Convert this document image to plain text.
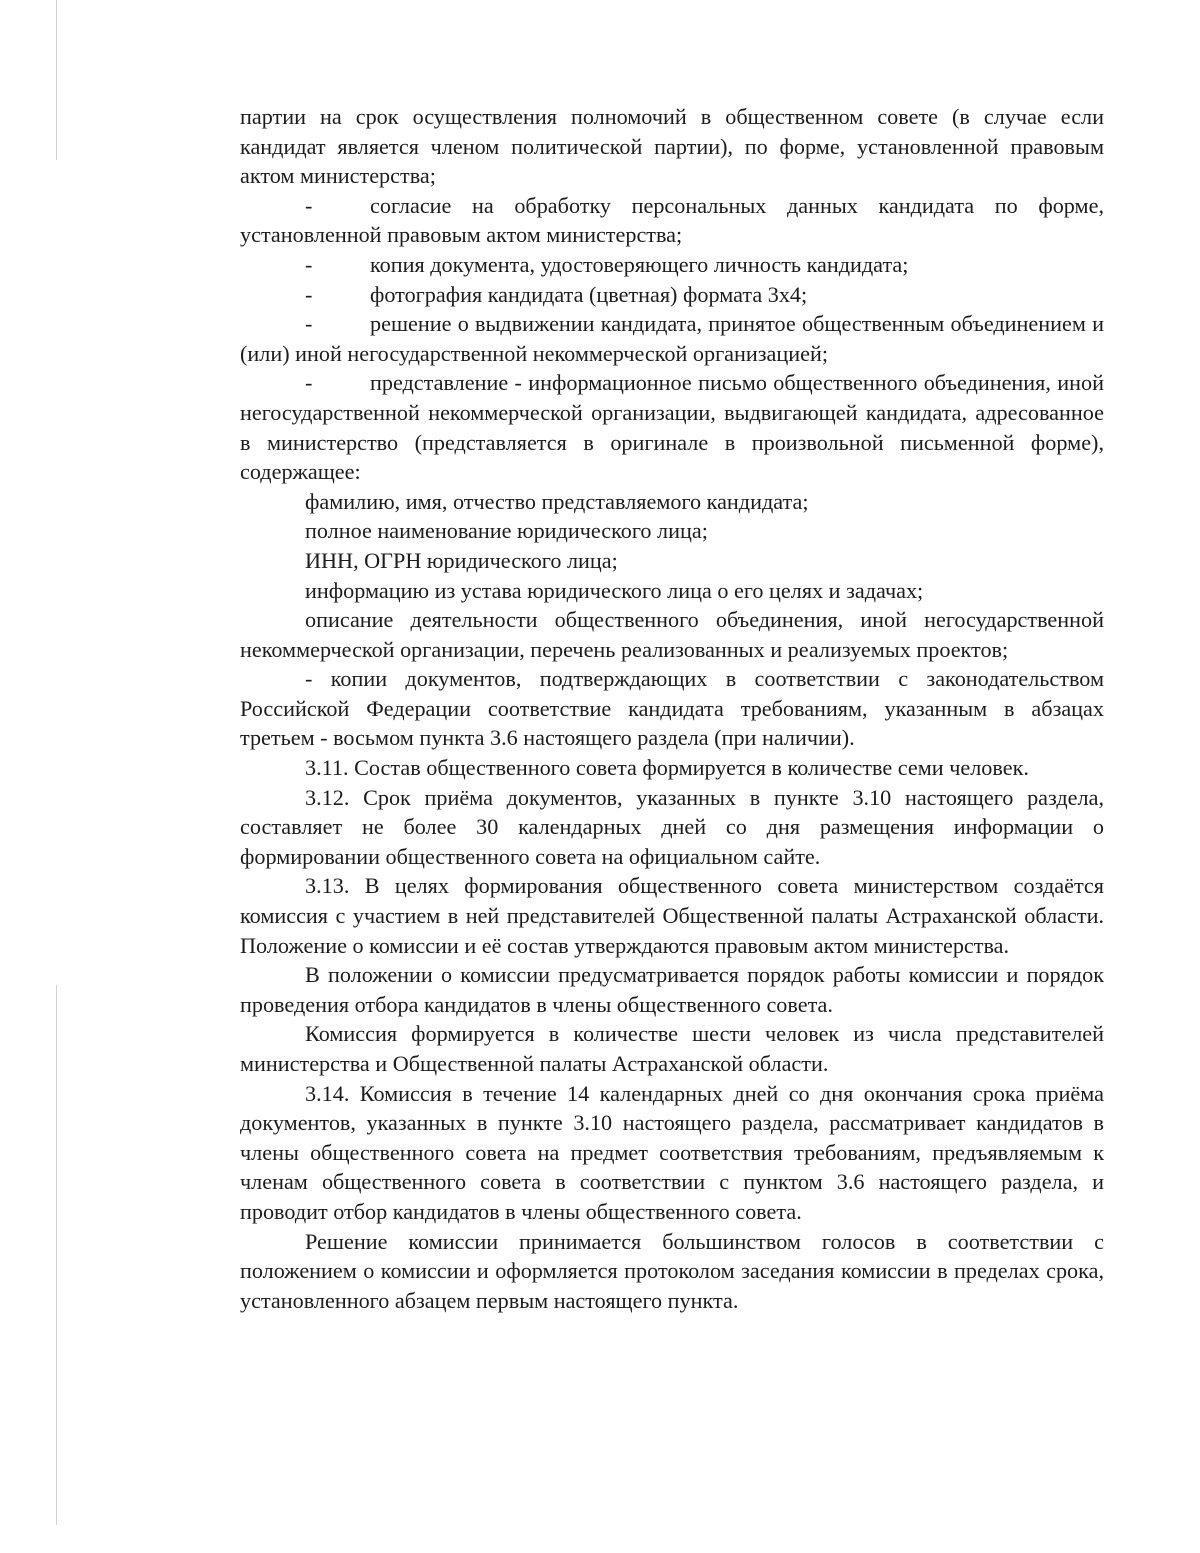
партии на срок осуществления полномочий в общественном совете (в случае если кандидат является членом политической партии), по форме, установленной правовым актом министерства;

-	согласие на обработку персональных данных кандидата по форме, установленной правовым актом министерства;

-	копия документа, удостоверяющего личность кандидата;

-	фотография кандидата (цветная) формата 3х4;

-	решение о выдвижении кандидата, принятое общественным объединением и (или) иной негосударственной некоммерческой организацией;

-	представление - информационное письмо общественного объединения, иной негосударственной некоммерческой организации, выдвигающей кандидата, адресованное в министерство (представляется в оригинале в произвольной письменной форме), содержащее:

фамилию, имя, отчество представляемого кандидата;

полное наименование юридического лица;

ИНН, ОГРН юридического лица;

информацию из устава юридического лица о его целях и задачах;

описание деятельности общественного объединения, иной негосударственной некоммерческой организации, перечень реализованных и реализуемых проектов;

- копии документов, подтверждающих в соответствии с законодательством Российской Федерации соответствие кандидата требованиям, указанным в абзацах третьем - восьмом пункта 3.6 настоящего раздела (при наличии).

3.11. Состав общественного совета формируется в количестве семи человек.

3.12. Срок приёма документов, указанных в пункте 3.10 настоящего раздела, составляет не более 30 календарных дней со дня размещения информации о формировании общественного совета на официальном сайте.

3.13. В целях формирования общественного совета министерством создаётся комиссия с участием в ней представителей Общественной палаты Астраханской области. Положение о комиссии и её состав утверждаются правовым актом министерства.

В положении о комиссии предусматривается порядок работы комиссии и порядок проведения отбора кандидатов в члены общественного совета.

Комиссия формируется в количестве шести человек из числа представителей министерства и Общественной палаты Астраханской области.

3.14. Комиссия в течение 14 календарных дней со дня окончания срока приёма документов, указанных в пункте 3.10 настоящего раздела, рассматривает кандидатов в члены общественного совета на предмет соответствия требованиям, предъявляемым к членам общественного совета в соответствии с пунктом 3.6 настоящего раздела, и проводит отбор кандидатов в члены общественного совета.

Решение комиссии принимается большинством голосов в соответствии с положением о комиссии и оформляется протоколом заседания комиссии в пределах срока, установленного абзацем первым настоящего пункта.
